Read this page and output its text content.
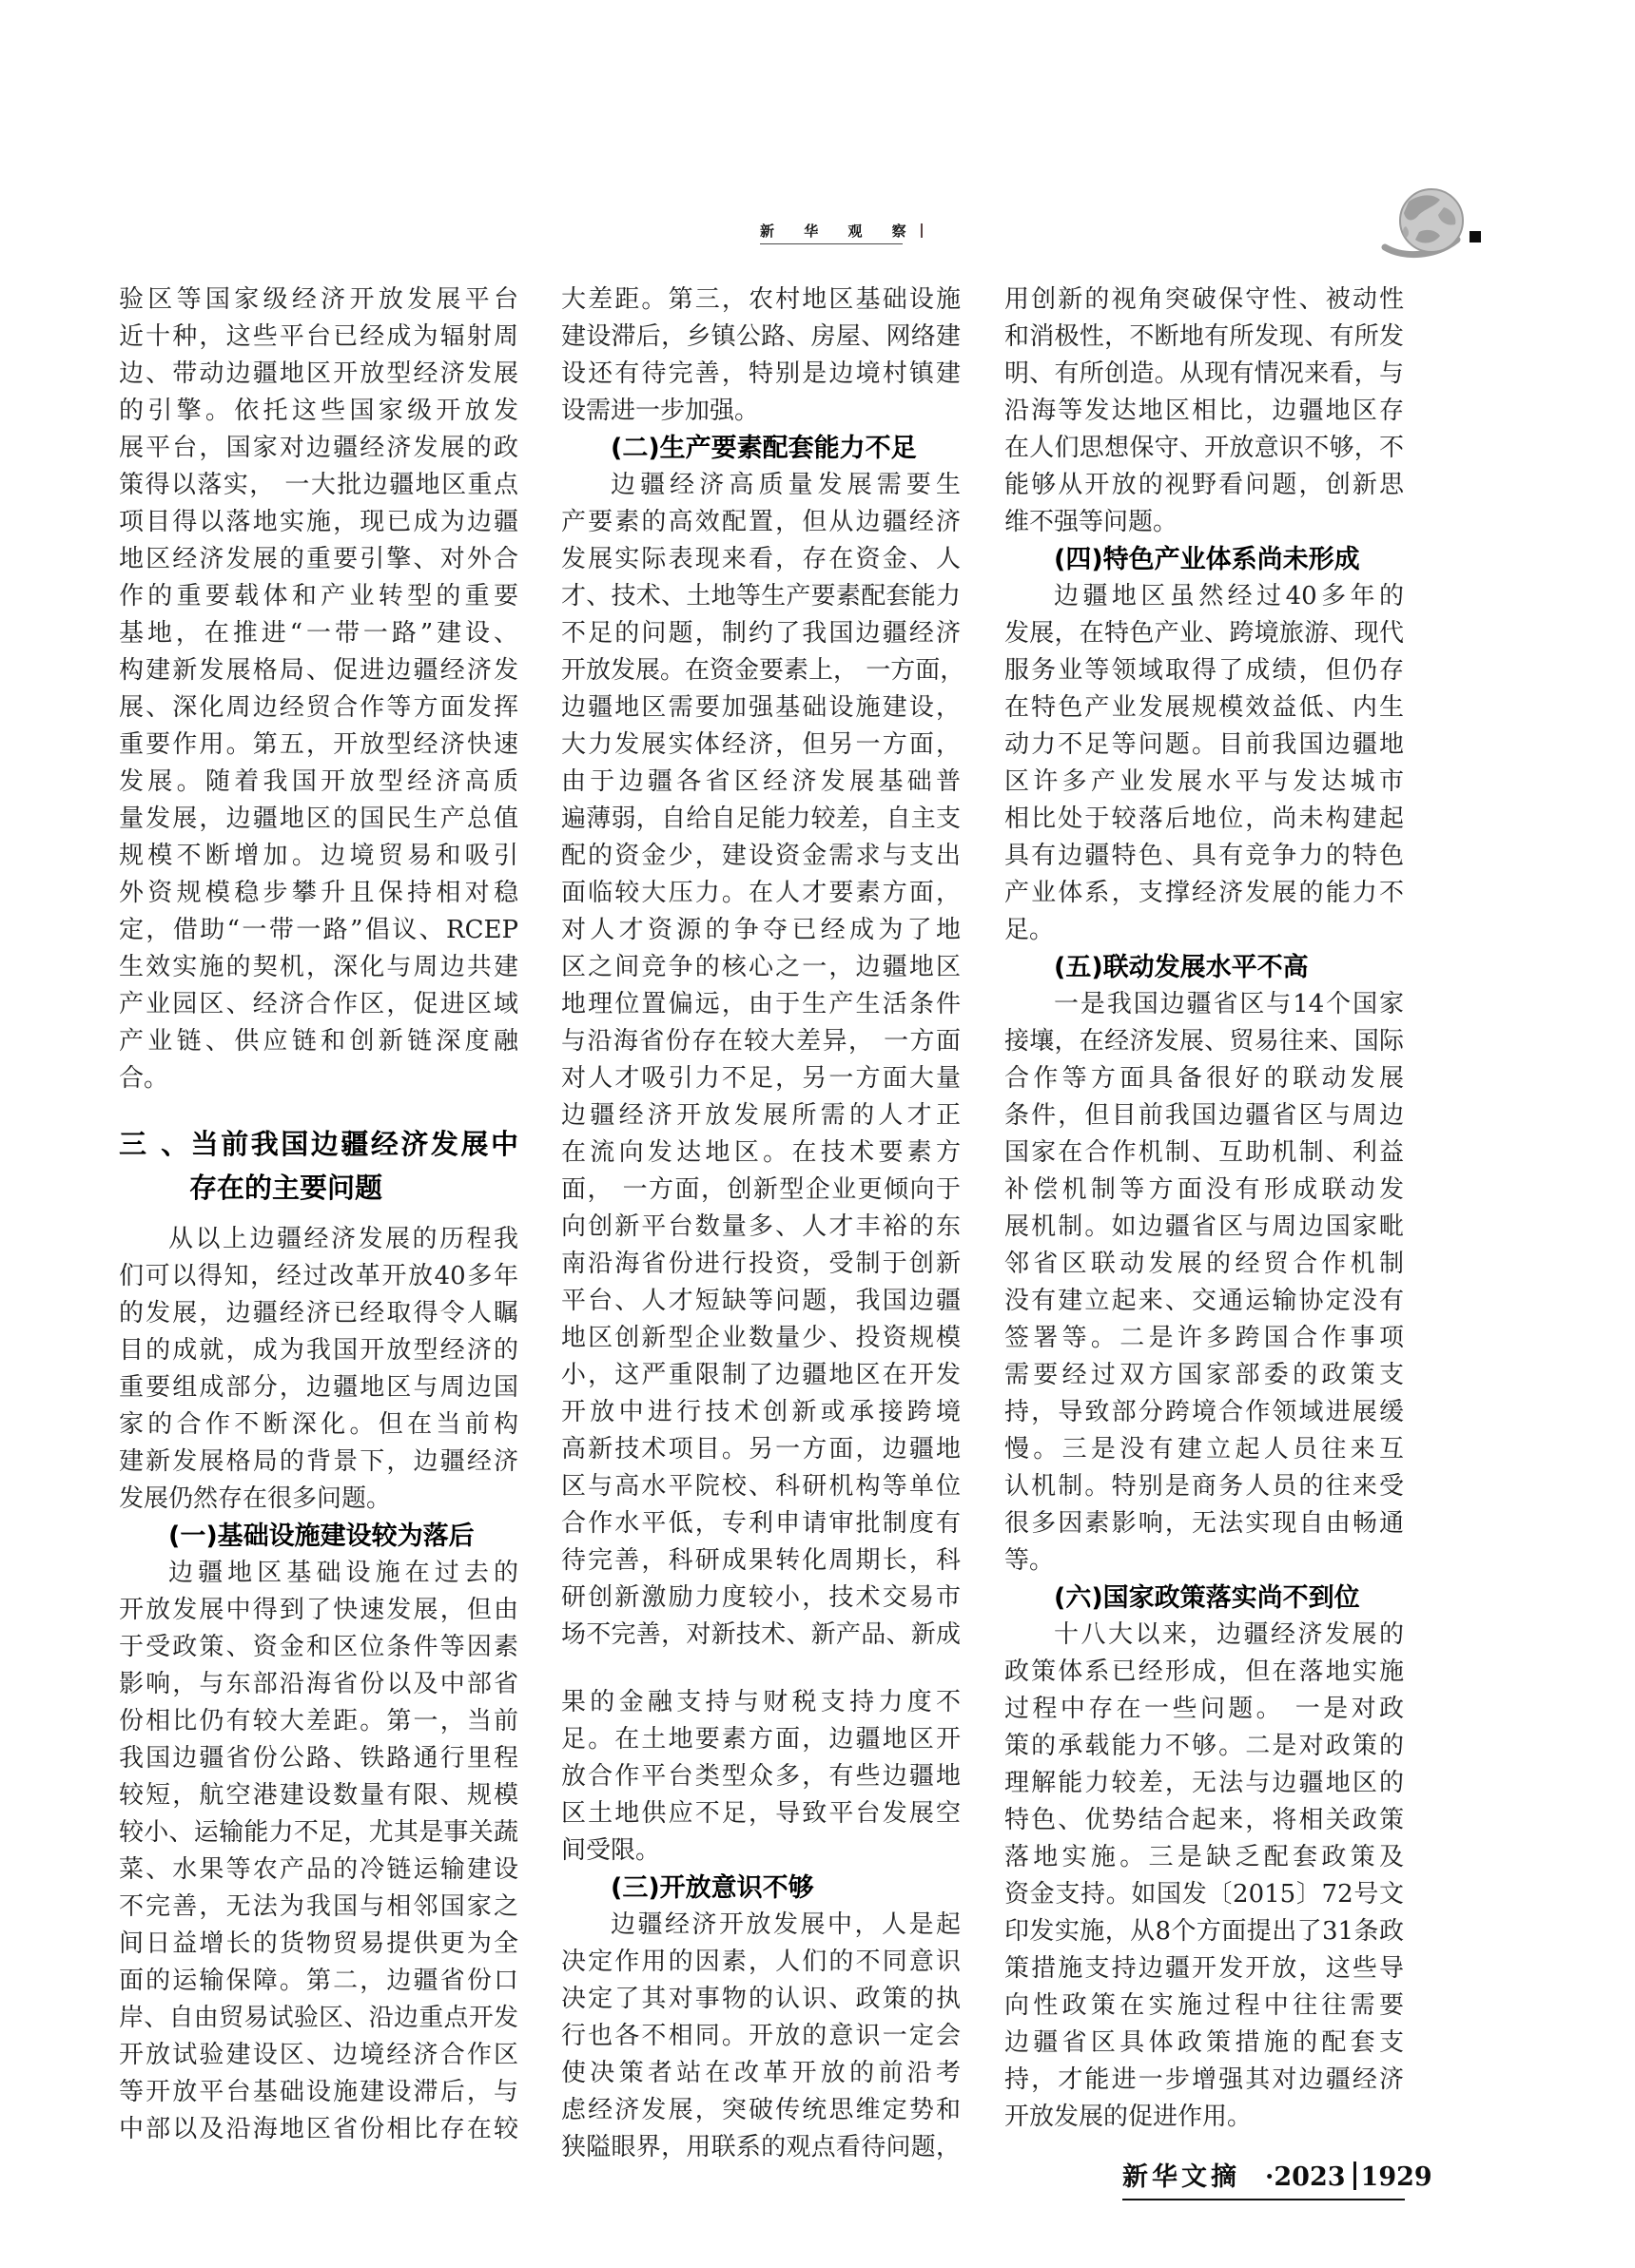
新 华 观 察
验区等国家级经济开放发展平台
近十种，这些平台已经成为辐射周
边、带动边疆地区开放型经济发展
的引擎。依托这些国家级开放发
展平台，国家对边疆经济发展的政
策得以落实， 一大批边疆地区重点
项目得以落地实施，现已成为边疆
地区经济发展的重要引擎、对外合
作的重要载体和产业转型的重要
基地，在推进“一带一路”建设、
构建新发展格局、促进边疆经济发
展、深化周边经贸合作等方面发挥
重要作用。第五，开放型经济快速
发展。随着我国开放型经济高质
量发展，边疆地区的国民生产总值
规模不断增加。边境贸易和吸引
外资规模稳步攀升且保持相对稳
定，借助“一带一路”倡议、RCEP
生效实施的契机，深化与周边共建
产业园区、经济合作区，促进区域
产业链、供应链和创新链深度融
合。
三 、当前我国边疆经济发展中
存在的主要问题
从以上边疆经济发展的历程我
们可以得知，经过改革开放40多年
的发展，边疆经济已经取得令人瞩
目的成就，成为我国开放型经济的
重要组成部分，边疆地区与周边国
家的合作不断深化。但在当前构
建新发展格局的背景下，边疆经济
发展仍然存在很多问题。
(一)基础设施建设较为落后
边疆地区基础设施在过去的
开放发展中得到了快速发展，但由
于受政策、资金和区位条件等因素
影响，与东部沿海省份以及中部省
份相比仍有较大差距。第一，当前
我国边疆省份公路、铁路通行里程
较短，航空港建设数量有限、规模
较小、运输能力不足，尤其是事关蔬
菜、水果等农产品的冷链运输建设
不完善，无法为我国与相邻国家之
间日益增长的货物贸易提供更为全
面的运输保障。第二，边疆省份口
岸、自由贸易试验区、沿边重点开发
开放试验建设区、边境经济合作区
等开放平台基础设施建设滞后，与
中部以及沿海地区省份相比存在较
大差距。第三，农村地区基础设施
建设滞后，乡镇公路、房屋、网络建
设还有待完善，特别是边境村镇建
设需进一步加强。
(二)生产要素配套能力不足
边疆经济高质量发展需要生
产要素的高效配置，但从边疆经济
发展实际表现来看，存在资金、人
才、技术、土地等生产要素配套能力
不足的问题，制约了我国边疆经济
开放发展。在资金要素上， 一方面，
边疆地区需要加强基础设施建设，
大力发展实体经济，但另一方面，
由于边疆各省区经济发展基础普
遍薄弱，自给自足能力较差，自主支
配的资金少，建设资金需求与支出
面临较大压力。在人才要素方面，
对人才资源的争夺已经成为了地
区之间竞争的核心之一，边疆地区
地理位置偏远，由于生产生活条件
与沿海省份存在较大差异， 一方面
对人才吸引力不足，另一方面大量
边疆经济开放发展所需的人才正
在流向发达地区。在技术要素方
面， 一方面，创新型企业更倾向于
向创新平台数量多、人才丰裕的东
南沿海省份进行投资，受制于创新
平台、人才短缺等问题，我国边疆
地区创新型企业数量少、投资规模
小，这严重限制了边疆地区在开发
开放中进行技术创新或承接跨境
高新技术项目。另一方面，边疆地
区与高水平院校、科研机构等单位
合作水平低，专利申请审批制度有
待完善，科研成果转化周期长，科
研创新激励力度较小，技术交易市
场不完善，对新技术、新产品、新成
果的金融支持与财税支持力度不
足。在土地要素方面，边疆地区开
放合作平台类型众多，有些边疆地
区土地供应不足，导致平台发展空
间受限。
(三)开放意识不够
边疆经济开放发展中，人是起
决定作用的因素，人们的不同意识
决定了其对事物的认识、政策的执
行也各不相同。开放的意识一定会
使决策者站在改革开放的前沿考
虑经济发展，突破传统思维定势和
狭隘眼界，用联系的观点看待问题，
用创新的视角突破保守性、被动性
和消极性，不断地有所发现、有所发
明、有所创造。从现有情况来看，与
沿海等发达地区相比，边疆地区存
在人们思想保守、开放意识不够，不
能够从开放的视野看问题，创新思
维不强等问题。
(四)特色产业体系尚未形成
边疆地区虽然经过40多年的
发展，在特色产业、跨境旅游、现代
服务业等领域取得了成绩，但仍存
在特色产业发展规模效益低、内生
动力不足等问题。目前我国边疆地
区许多产业发展水平与发达城市
相比处于较落后地位，尚未构建起
具有边疆特色、具有竞争力的特色
产业体系，支撑经济发展的能力不
足。
(五)联动发展水平不高
一是我国边疆省区与14个国家
接壤，在经济发展、贸易往来、国际
合作等方面具备很好的联动发展
条件，但目前我国边疆省区与周边
国家在合作机制、互助机制、利益
补偿机制等方面没有形成联动发
展机制。如边疆省区与周边国家毗
邻省区联动发展的经贸合作机制
没有建立起来、交通运输协定没有
签署等。二是许多跨国合作事项
需要经过双方国家部委的政策支
持，导致部分跨境合作领域进展缓
慢。三是没有建立起人员往来互
认机制。特别是商务人员的往来受
很多因素影响，无法实现自由畅通
等。
(六)国家政策落实尚不到位
十八大以来，边疆经济发展的
政策体系已经形成，但在落地实施
过程中存在一些问题。 一是对政
策的承载能力不够。二是对政策的
理解能力较差，无法与边疆地区的
特色、优势结合起来，将相关政策
落地实施。三是缺乏配套政策及
资金支持。如国发〔2015〕72号文
印发实施，从8个方面提出了31条政
策措施支持边疆开发开放，这些导
向性政策在实施过程中往往需要
边疆省区具体政策措施的配套支
持，才能进一步增强其对边疆经济
开放发展的促进作用。
新华文摘 ·2023 1929
